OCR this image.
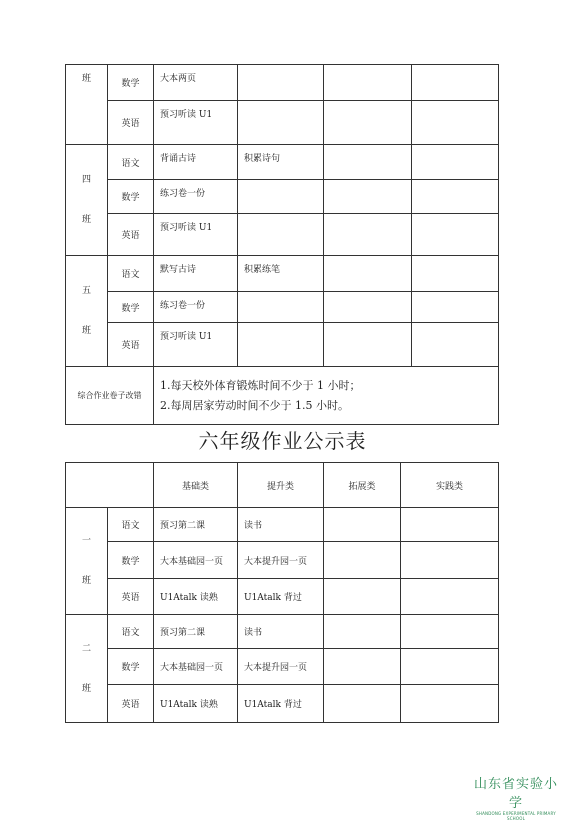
班	数学	大本两页			
	英语	预习听读 U1			
四

班	语文	背诵古诗	积累诗句		
	数学	练习卷一份			
	英语	预习听读 U1			
五

班	语文	默写古诗	积累练笔		
	数学	练习卷一份			
	英语	预习听读 U1			
综合作业卷子改错		1.每天校外体育锻炼时间不少于 1 小时；
2.每周居家劳动时间不少于 1.5 小时。			
六年级作业公示表
		基础类	提升类	拓展类	实践类
一

班	语文	预习第二课	读书		
	数学	大本基础园一页	大本提升园一页		
	英语	U1Atalk 读熟	U1Atalk 背过		
二

班	语文	预习第二课	读书		
	数学	大本基础园一页	大本提升园一页		
	英语	U1Atalk 读熟	U1Atalk 背过		
山东省实验小学
SHANDONG EXPERIMENTAL PRIMARY SCHOOL
